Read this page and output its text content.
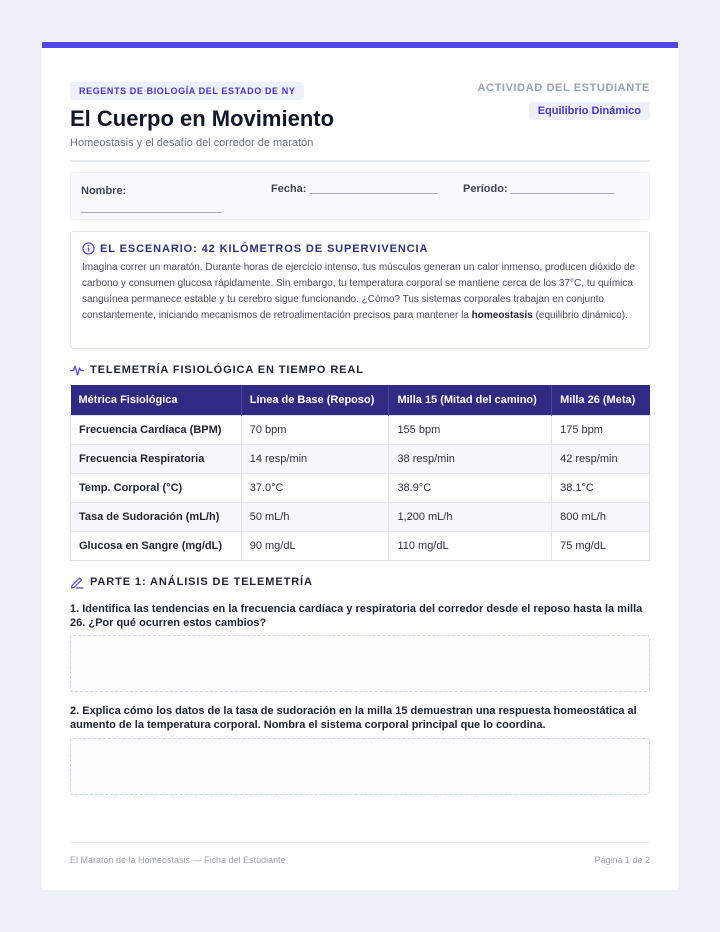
REGENTS DE BIOLOGÍA DEL ESTADO DE NY
El Cuerpo en Movimiento
Homeostasis y el desafío del corredor de maratón
ACTIVIDAD DEL ESTUDIANTE
Equilibrio Dinámico
Nombre: _______________________
Fecha: _____________________ Período: _________________
EL ESCENARIO: 42 KILÓMETROS DE SUPERVIVENCIA

Imagina correr un maratón. Durante horas de ejercicio intenso, tus músculos generan un calor inmenso, producen dióxido de carbono y consumen glucosa rápidamente. Sin embargo, tu temperatura corporal se mantiene cerca de los 37°C, tu química sanguínea permanece estable y tu cerebro sigue funcionando. ¿Cómo? Tus sistemas corporales trabajan en conjunto constantemente, iniciando mecanismos de retroalimentación precisos para mantener la homeostasis (equilibrio dinámico).

TELEMETRÍA FISIOLÓGICA EN TIEMPO REAL
Métrica Fisiológica	Línea de Base (Reposo)	Milla 15 (Mitad del camino)	Milla 26 (Meta)
Frecuencia Cardíaca (BPM)	70 bpm	155 bpm	175 bpm
Frecuencia Respiratoria	14 resp/min	38 resp/min	42 resp/min
Temp. Corporal (°C)	37.0°C	38.9°C	38.1°C
Tasa de Sudoración (mL/h)	50 mL/h	1,200 mL/h	800 mL/h
Glucosa en Sangre (mg/dL)	90 mg/dL	110 mg/dL	75 mg/dL
PARTE 1: ANÁLISIS DE TELEMETRÍA
1. Identifica las tendencias en la frecuencia cardíaca y respiratoria del corredor desde el reposo hasta la milla 26. ¿Por qué ocurren estos cambios?
2. Explica cómo los datos de la tasa de sudoración en la milla 15 demuestran una respuesta homeostática al aumento de la temperatura corporal. Nombra el sistema corporal principal que lo coordina.
El Maratón de la Homeostasis — Ficha del Estudiante	Página 1 de 2
